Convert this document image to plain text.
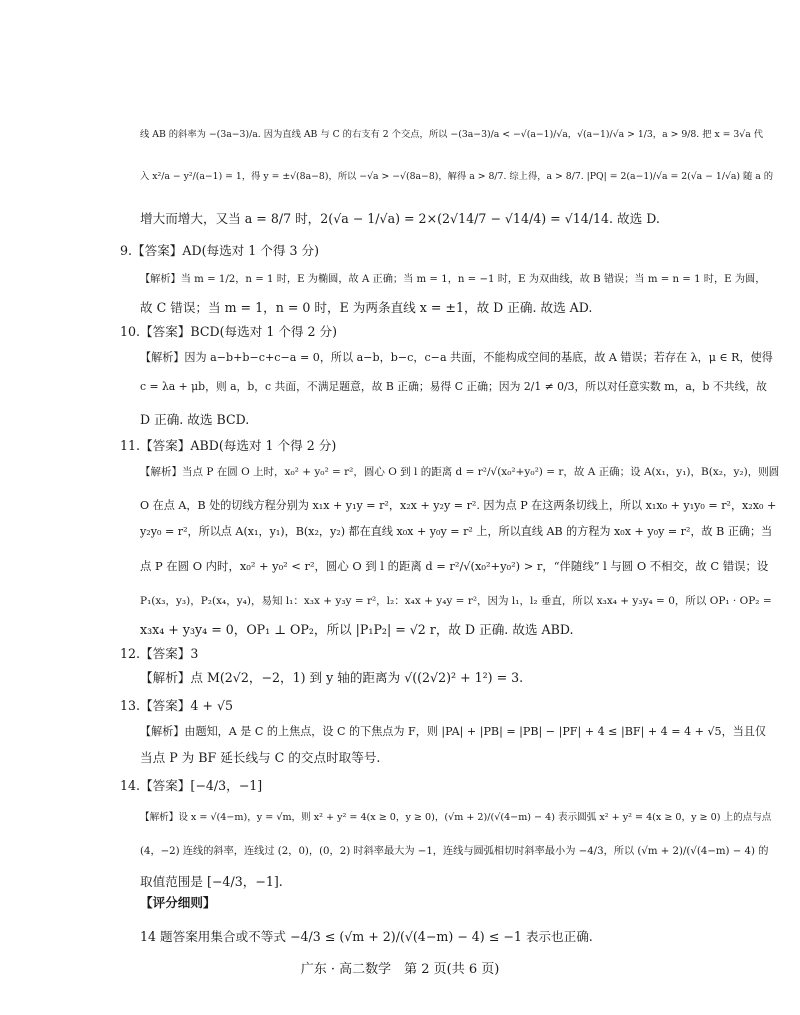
线 AB 的斜率为 −(3a−3)/a. 因为直线 AB 与 C 的右支有 2 个交点，所以 −(3a−3)/a < −√(a−1)/√a，√(a−1)/√a > 1/3，a > 9/8. 把 x = 3√a 代
入 x²/a − y²/(a−1) = 1，得 y = ±√(8a−8)，所以 −√a > −√(8a−8)，解得 a > 8/7. 综上得，a > 8/7. |PQ| = 2(a−1)/√a = 2(√a − 1/√a) 随 a 的
增大而增大，又当 a = 8/7 时，2(√a − 1/√a) = 2×(2√14/7 − √14/4) = √14/14. 故选 D.
9.【答案】AD(每选对 1 个得 3 分)
【解析】当 m = 1/2，n = 1 时，E 为椭圆，故 A 正确；当 m = 1，n = −1 时，E 为双曲线，故 B 错误；当 m = n = 1 时，E 为圆，
故 C 错误；当 m = 1，n = 0 时，E 为两条直线 x = ±1，故 D 正确. 故选 AD.
10.【答案】BCD(每选对 1 个得 2 分)
【解析】因为 a−b+b−c+c−a = 0，所以 a−b，b−c，c−a 共面，不能构成空间的基底，故 A 错误；若存在 λ，μ ∈ R，使得
c = λa + μb，则 a，b，c 共面，不满足题意，故 B 正确；易得 C 正确；因为 2/1 ≠ 0/3，所以对任意实数 m，a，b 不共线，故
D 正确. 故选 BCD.
11.【答案】ABD(每选对 1 个得 2 分)
【解析】当点 P 在圆 O 上时，x₀² + y₀² = r²，圆心 O 到 l 的距离 d = r²/√(x₀²+y₀²) = r，故 A 正确；设 A(x₁，y₁)，B(x₂，y₂)，则圆
O 在点 A，B 处的切线方程分别为 x₁x + y₁y = r²，x₂x + y₂y = r². 因为点 P 在这两条切线上，所以 x₁x₀ + y₁y₀ = r²，x₂x₀ +
y₂y₀ = r²，所以点 A(x₁，y₁)，B(x₂，y₂) 都在直线 x₀x + y₀y = r² 上，所以直线 AB 的方程为 x₀x + y₀y = r²，故 B 正确；当
点 P 在圆 O 内时，x₀² + y₀² < r²，圆心 O 到 l 的距离 d = r²/√(x₀²+y₀²) > r，“伴随线” l 与圆 O 不相交，故 C 错误；设
P₁(x₃，y₃)，P₂(x₄，y₄)，易知 l₁：x₃x + y₃y = r²，l₂：x₄x + y₄y = r²，因为 l₁，l₂ 垂直，所以 x₃x₄ + y₃y₄ = 0，所以 OP₁ · OP₂ =
x₃x₄ + y₃y₄ = 0，OP₁ ⊥ OP₂，所以 |P₁P₂| = √2 r，故 D 正确. 故选 ABD.
12.【答案】3
【解析】点 M(2√2，−2，1) 到 y 轴的距离为 √((2√2)² + 1²) = 3.
13.【答案】4 + √5
【解析】由题知，A 是 C 的上焦点，设 C 的下焦点为 F，则 |PA| + |PB| = |PB| − |PF| + 4 ≤ |BF| + 4 = 4 + √5，当且仅
当点 P 为 BF 延长线与 C 的交点时取等号.
14.【答案】[−4/3，−1]
【解析】设 x = √(4−m)，y = √m，则 x² + y² = 4(x ≥ 0，y ≥ 0)，(√m + 2)/(√(4−m) − 4) 表示圆弧 x² + y² = 4(x ≥ 0，y ≥ 0) 上的点与点
(4，−2) 连线的斜率，连线过 (2，0)，(0，2) 时斜率最大为 −1，连线与圆弧相切时斜率最小为 −4/3，所以 (√m + 2)/(√(4−m) − 4) 的
取值范围是 [−4/3，−1].
【评分细则】
14 题答案用集合或不等式 −4/3 ≤ (√m + 2)/(√(4−m) − 4) ≤ −1 表示也正确.
广东 · 高二数学　第 2 页(共 6 页)
